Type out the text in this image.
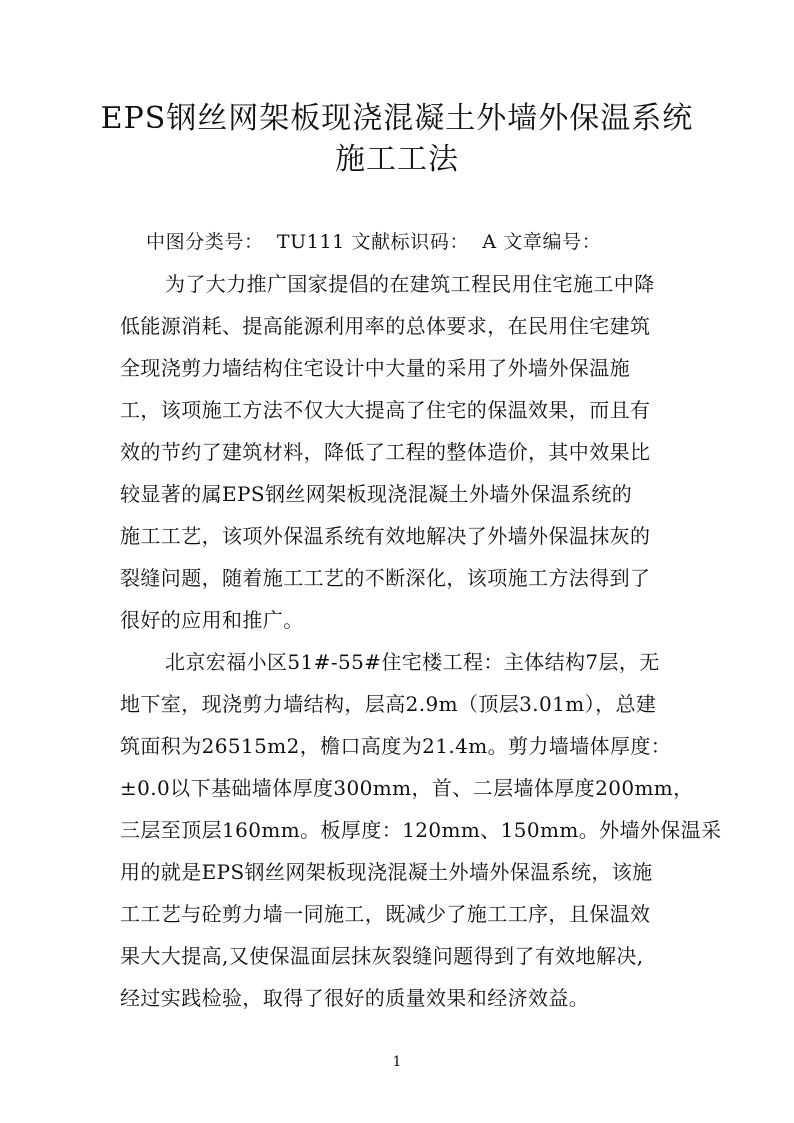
EPS钢丝网架板现浇混凝土外墙外保温系统
施工工法
中图分类号：  TU111 文献标识码：  A 文章编号：
为了大力推广国家提倡的在建筑工程民用住宅施工中降
低能源消耗、提高能源利用率的总体要求，在民用住宅建筑
全现浇剪力墙结构住宅设计中大量的采用了外墙外保温施
工，该项施工方法不仅大大提高了住宅的保温效果，而且有
效的节约了建筑材料，降低了工程的整体造价，其中效果比
较显著的属EPS钢丝网架板现浇混凝土外墙外保温系统的
施工工艺，该项外保温系统有效地解决了外墙外保温抹灰的
裂缝问题，随着施工工艺的不断深化，该项施工方法得到了
很好的应用和推广。
北京宏福小区51#-55#住宅楼工程：主体结构7层，无
地下室，现浇剪力墙结构，层高2.9m（顶层3.01m），总建
筑面积为26515m2，檐口高度为21.4m。剪力墙墙体厚度：
±0.0以下基础墙体厚度300mm，首、二层墙体厚度200mm，
三层至顶层160mm。板厚度：120mm、150mm。外墙外保温采
用的就是EPS钢丝网架板现浇混凝土外墙外保温系统，该施
工工艺与砼剪力墙一同施工，既减少了施工工序，且保温效
果大大提高,又使保温面层抹灰裂缝问题得到了有效地解决,
经过实践检验，取得了很好的质量效果和经济效益。
1
